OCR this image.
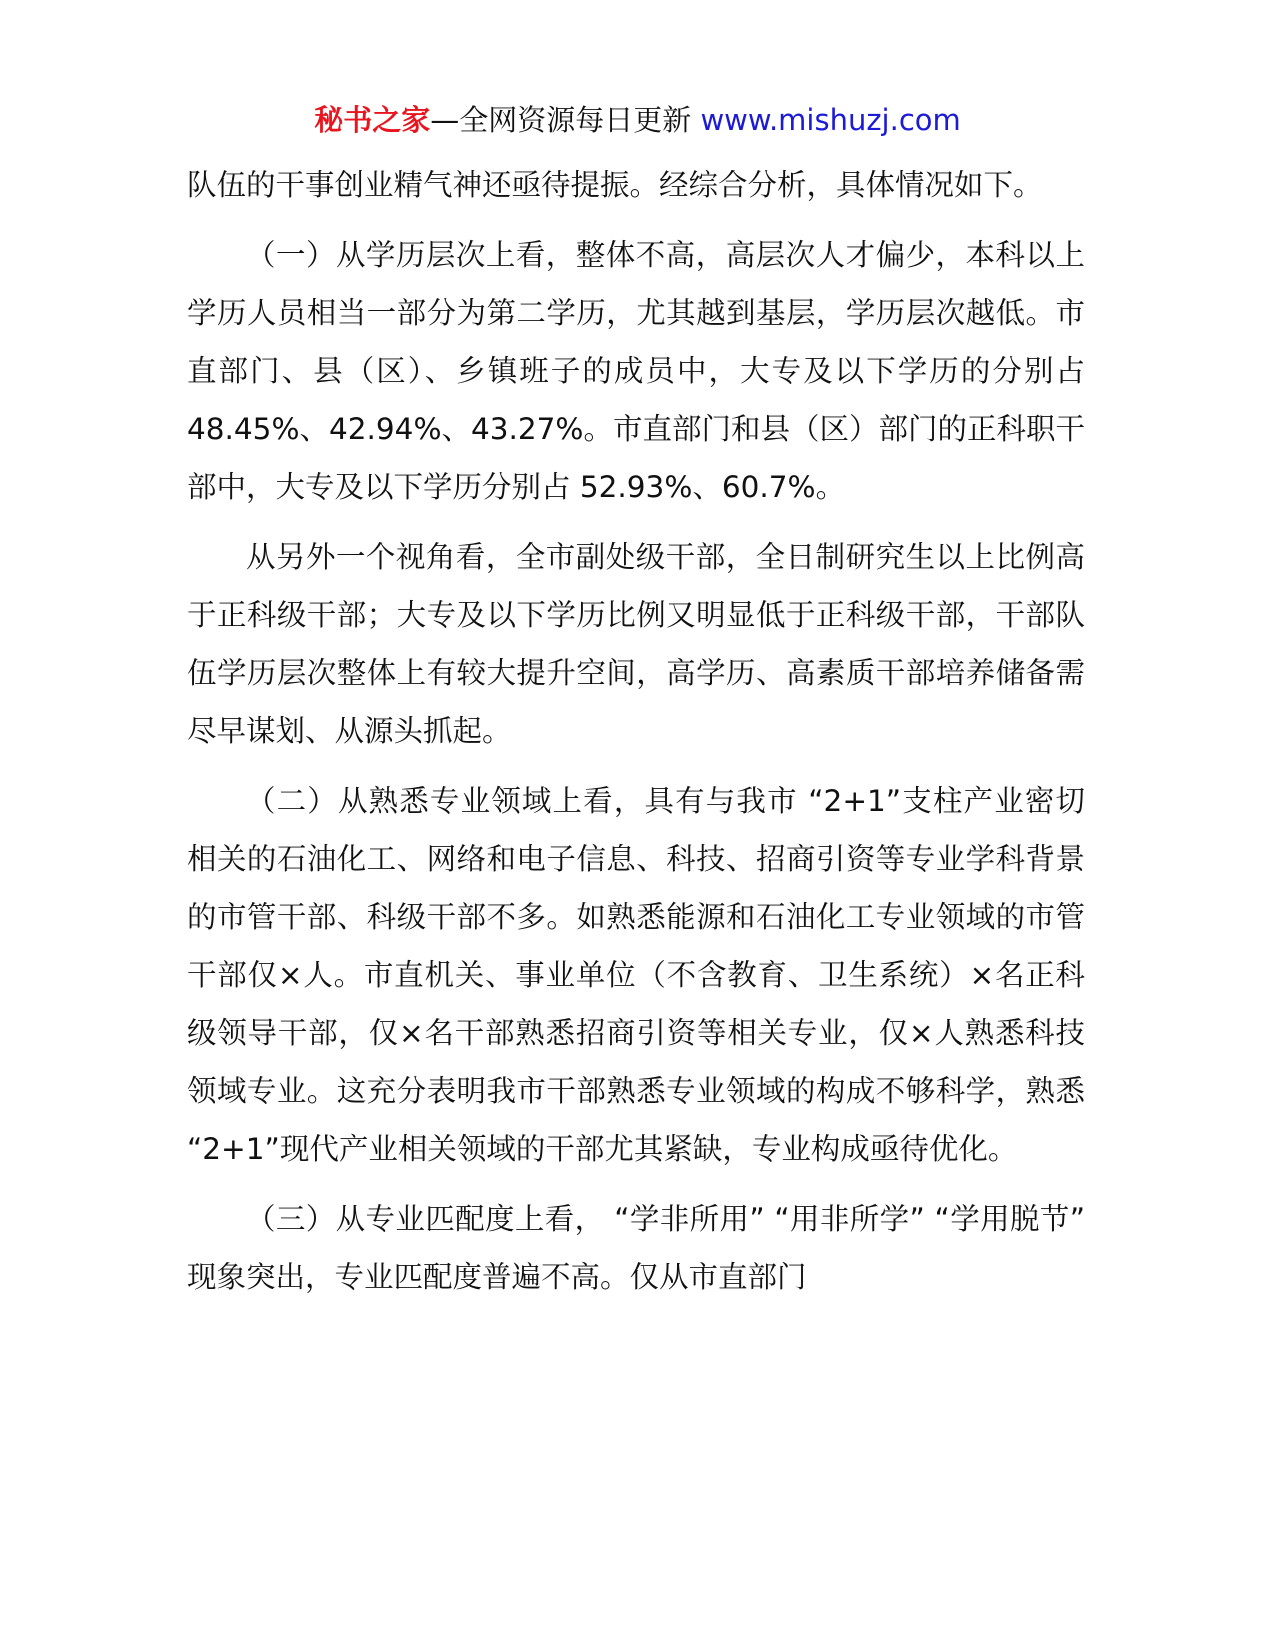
秘书之家—全网资源每日更新 www.mishuzj.com

队伍的干事创业精气神还亟待提振。经综合分析，具体情况如下。

（一）从学历层次上看，整体不高，高层次人才偏少，本科以上学历人员相当一部分为第二学历，尤其越到基层，学历层次越低。市直部门、县（区）、乡镇班子的成员中，大专及以下学历的分别占 48.45%、42.94%、43.27%。市直部门和县（区）部门的正科职干部中，大专及以下学历分别占 52.93%、60.7%。

从另外一个视角看，全市副处级干部，全日制研究生以上比例高于正科级干部；大专及以下学历比例又明显低于正科级干部，干部队伍学历层次整体上有较大提升空间，高学历、高素质干部培养储备需尽早谋划、从源头抓起。

（二）从熟悉专业领域上看，具有与我市 “2+1”支柱产业密切相关的石油化工、网络和电子信息、科技、招商引资等专业学科背景的市管干部、科级干部不多。如熟悉能源和石油化工专业领域的市管干部仅×人。市直机关、事业单位（不含教育、卫生系统）×名正科级领导干部，仅×名干部熟悉招商引资等相关专业，仅×人熟悉科技领域专业。这充分表明我市干部熟悉专业领域的构成不够科学，熟悉 “2+1”现代产业相关领域的干部尤其紧缺，专业构成亟待优化。

（三）从专业匹配度上看， “学非所用” “用非所学” “学用脱节” 现象突出，专业匹配度普遍不高。仅从市直部门
